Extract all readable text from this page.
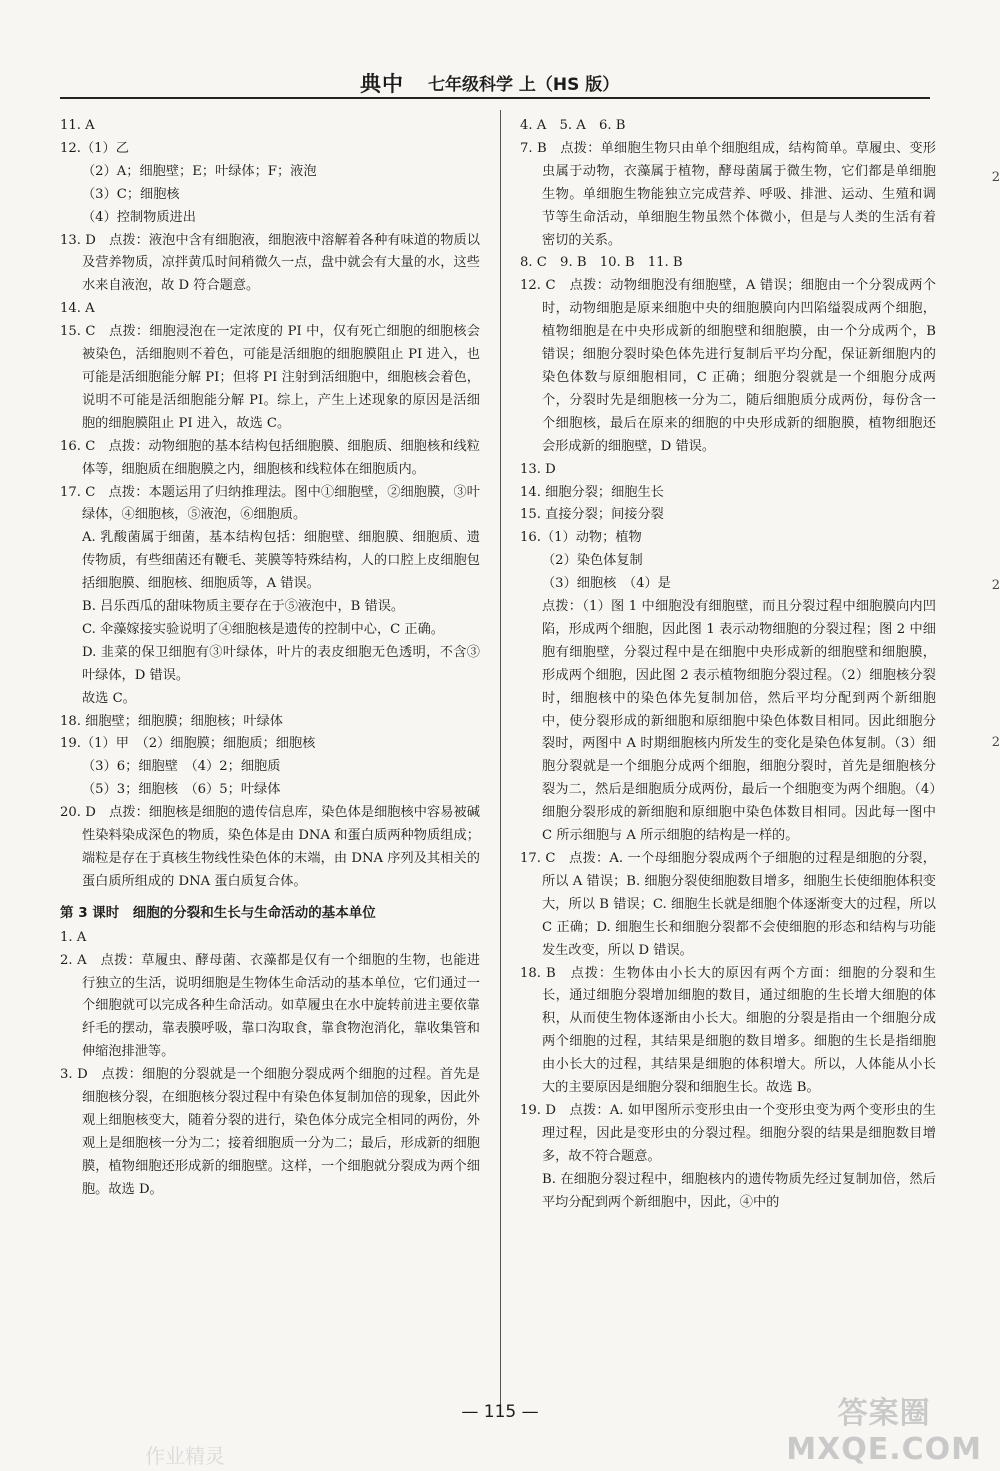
典中 七年级科学 上（HS 版）

11. A

12.（1）乙

（2）A；细胞壁；E；叶绿体；F；液泡

（3）C；细胞核

（4）控制物质进出

13. D　点拨：液泡中含有细胞液，细胞液中溶解着各种有味道的物质以及营养物质，凉拌黄瓜时间稍微久一点，盘中就会有大量的水，这些水来自液泡，故 D 符合题意。

14. A

15. C　点拨：细胞浸泡在一定浓度的 PI 中，仅有死亡细胞的细胞核会被染色，活细胞则不着色，可能是活细胞的细胞膜阻止 PI 进入，也可能是活细胞能分解 PI；但将 PI 注射到活细胞中，细胞核会着色，说明不可能是活细胞能分解 PI。综上，产生上述现象的原因是活细胞的细胞膜阻止 PI 进入，故选 C。

16. C　点拨：动物细胞的基本结构包括细胞膜、细胞质、细胞核和线粒体等，细胞质在细胞膜之内，细胞核和线粒体在细胞质内。

17. C　点拨：本题运用了归纳推理法。图中①细胞壁，②细胞膜，③叶绿体，④细胞核，⑤液泡，⑥细胞质。

A. 乳酸菌属于细菌，基本结构包括：细胞壁、细胞膜、细胞质、遗传物质，有些细菌还有鞭毛、荚膜等特殊结构，人的口腔上皮细胞包括细胞膜、细胞核、细胞质等，A 错误。

B. 吕乐西瓜的甜味物质主要存在于⑤液泡中，B 错误。

C. 伞藻嫁接实验说明了④细胞核是遗传的控制中心，C 正确。

D. 韭菜的保卫细胞有③叶绿体，叶片的表皮细胞无色透明，不含③叶绿体，D 错误。

故选 C。

18. 细胞壁；细胞膜；细胞核；叶绿体

19.（1）甲　（2）细胞膜；细胞质；细胞核

（3）6；细胞壁　（4）2；细胞质

（5）3；细胞核　（6）5；叶绿体

20. D　点拨：细胞核是细胞的遗传信息库，染色体是细胞核中容易被碱性染料染成深色的物质，染色体是由 DNA 和蛋白质两种物质组成；端粒是存在于真核生物线性染色体的末端，由 DNA 序列及其相关的蛋白质所组成的 DNA 蛋白质复合体。

第 3 课时　细胞的分裂和生长与生命活动的基本单位

1. A

2. A　点拨：草履虫、酵母菌、衣藻都是仅有一个细胞的生物，也能进行独立的生活，说明细胞是生物体生命活动的基本单位，它们通过一个细胞就可以完成各种生命活动。如草履虫在水中旋转前进主要依靠纤毛的摆动，靠表膜呼吸，靠口沟取食，靠食物泡消化，靠收集管和伸缩泡排泄等。

3. D　点拨：细胞的分裂就是一个细胞分裂成两个细胞的过程。首先是细胞核分裂，在细胞核分裂过程中有染色体复制加倍的现象，因此外观上细胞核变大，随着分裂的进行，染色体分成完全相同的两份，外观上是细胞核一分为二；接着细胞质一分为二；最后，形成新的细胞膜，植物细胞还形成新的细胞壁。这样，一个细胞就分裂成为两个细胞。故选 D。

4. A　5. A　6. B

7. B　点拨：单细胞生物只由单个细胞组成，结构简单。草履虫、变形虫属于动物，衣藻属于植物，酵母菌属于微生物，它们都是单细胞生物。单细胞生物能独立完成营养、呼吸、排泄、运动、生殖和调节等生命活动，单细胞生物虽然个体微小，但是与人类的生活有着密切的关系。

8. C　9. B　10. B　11. B

12. C　点拨：动物细胞没有细胞壁，A 错误；细胞由一个分裂成两个时，动物细胞是原来细胞中央的细胞膜向内凹陷缢裂成两个细胞，植物细胞是在中央形成新的细胞壁和细胞膜，由一个分成两个，B 错误；细胞分裂时染色体先进行复制后平均分配，保证新细胞内的染色体数与原细胞相同，C 正确；细胞分裂就是一个细胞分成两个，分裂时先是细胞核一分为二，随后细胞质分成两份，每份含一个细胞核，最后在原来的细胞的中央形成新的细胞膜，植物细胞还会形成新的细胞壁，D 错误。

13. D

14. 细胞分裂；细胞生长

15. 直接分裂；间接分裂

16.（1）动物；植物

（2）染色体复制

（3）细胞核　（4）是

点拨：（1）图 1 中细胞没有细胞壁，而且分裂过程中细胞膜向内凹陷，形成两个细胞，因此图 1 表示动物细胞的分裂过程；图 2 中细胞有细胞壁，分裂过程中是在细胞中央形成新的细胞壁和细胞膜，形成两个细胞，因此图 2 表示植物细胞分裂过程。（2）细胞核分裂时，细胞核中的染色体先复制加倍，然后平均分配到两个新细胞中，使分裂形成的新细胞和原细胞中染色体数目相同。因此细胞分裂时，两图中 A 时期细胞核内所发生的变化是染色体复制。（3）细胞分裂就是一个细胞分成两个细胞，细胞分裂时，首先是细胞核分裂为二，然后是细胞质分成两份，最后一个细胞变为两个细胞。（4）细胞分裂形成的新细胞和原细胞中染色体数目相同。因此每一图中 C 所示细胞与 A 所示细胞的结构是一样的。

17. C　点拨：A. 一个母细胞分裂成两个子细胞的过程是细胞的分裂，所以 A 错误；B. 细胞分裂使细胞数目增多，细胞生长使细胞体积变大，所以 B 错误；C. 细胞生长就是细胞个体逐渐变大的过程，所以 C 正确；D. 细胞生长和细胞分裂都不会使细胞的形态和结构与功能发生改变，所以 D 错误。

18. B　点拨：生物体由小长大的原因有两个方面：细胞的分裂和生长，通过细胞分裂增加细胞的数目，通过细胞的生长增大细胞的体积，从而使生物体逐渐由小长大。细胞的分裂是指由一个细胞分成两个细胞的过程，其结果是细胞的数目增多。细胞的生长是指细胞由小长大的过程，其结果是细胞的体积增大。所以，人体能从小长大的主要原因是细胞分裂和细胞生长。故选 B。

19. D　点拨：A. 如甲图所示变形虫由一个变形虫变为两个变形虫的生理过程，因此是变形虫的分裂过程。细胞分裂的结果是细胞数目增多，故不符合题意。

B. 在细胞分裂过程中，细胞核内的遗传物质先经过复制加倍，然后平均分配到两个新细胞中，因此，④中的

— 115 —	答案圈
MXQE.COM
作业精灵
2
2
2
